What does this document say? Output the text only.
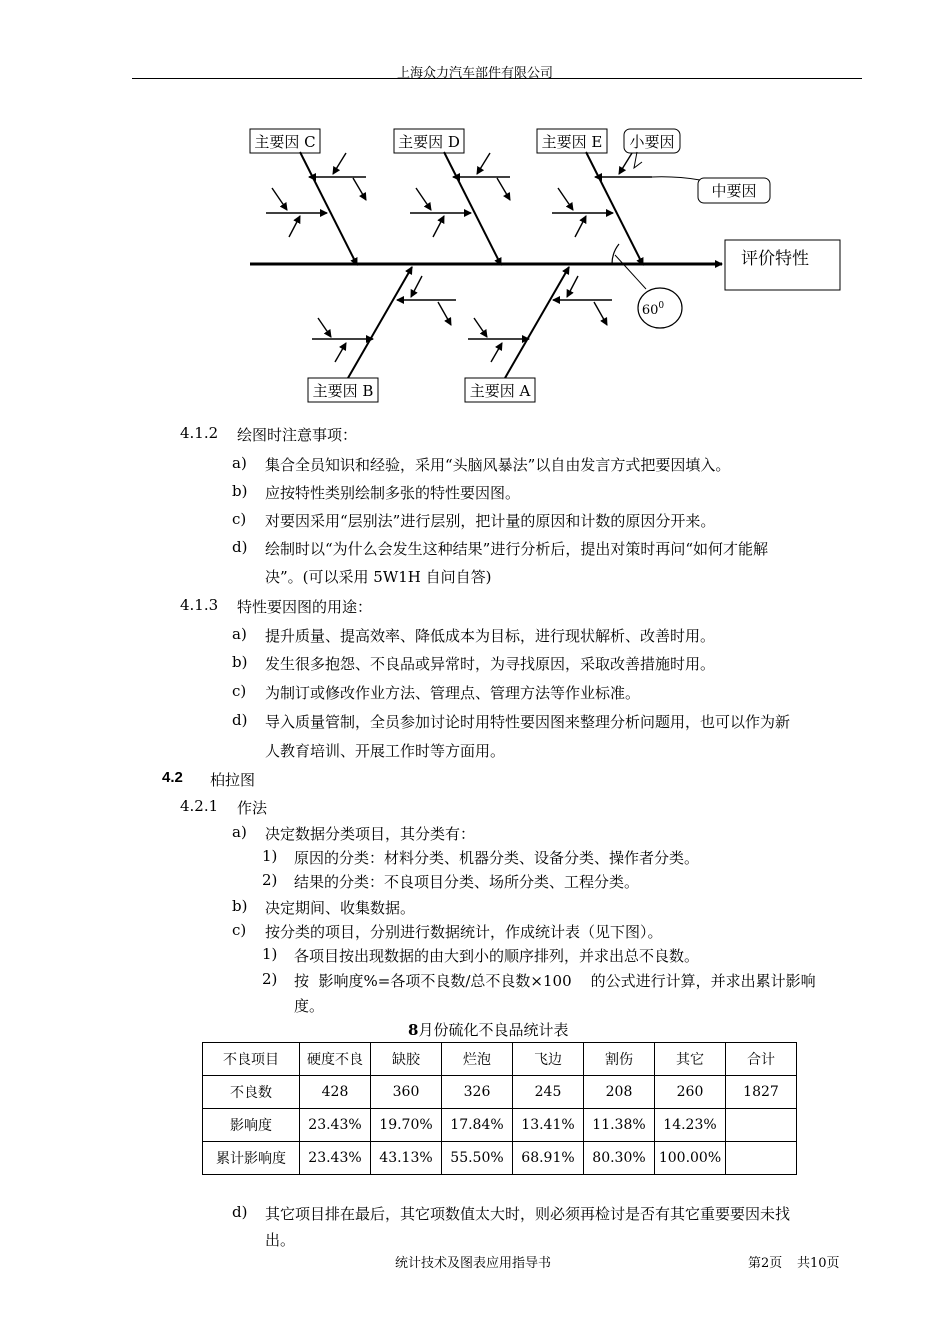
上海众力汽车部件有限公司
主要因 C	主要因 D	主要因 E
主要因 B	主要因 A
小要因
中要因
评价特性
$60^0$
4.1.2 绘图时注意事项：
a) 集合全员知识和经验，采用“头脑风暴法”以自由发言方式把要因填入。
b) 应按特性类别绘制多张的特性要因图。
c) 对要因采用“层别法”进行层别，把计量的原因和计数的原因分开来。
d) 绘制时以“为什么会发生这种结果”进行分析后，提出对策时再问“如何才能解
决”。(可以采用 5W1H 自问自答)
4.1.3 特性要因图的用途：
a) 提升质量、提高效率、降低成本为目标，进行现状解析、改善时用。
b) 发生很多抱怨、不良品或异常时，为寻找原因，采取改善措施时用。
c) 为制订或修改作业方法、管理点、管理方法等作业标准。
d) 导入质量管制，全员参加讨论时用特性要因图来整理分析问题用，也可以作为新
人教育培训、开展工作时等方面用。
4.2 柏拉图
4.2.1 作法
a) 决定数据分类项目，其分类有：
1) 原因的分类：材料分类、机器分类、设备分类、操作者分类。
2) 结果的分类：不良项目分类、场所分类、工程分类。
b) 决定期间、收集数据。
c) 按分类的项目，分别进行数据统计，作成统计表（见下图）。
1) 各项目按出现数据的由大到小的顺序排列，并求出总不良数。
2) 按  影响度%=各项不良数/总不良数×100    的公式进行计算，并求出累计影响
度。
8月份硫化不良品统计表
不良项目	硬度不良	缺胶	烂泡	飞边	割伤	其它	合计
不良数	428	360	326	245	208	260	1827
影响度	23.43%	19.70%	17.84%	13.41%	11.38%	14.23%	
累计影响度	23.43%	43.13%	55.50%	68.91%	80.30%	100.00%	
d) 其它项目排在最后，其它项数值太大时，则必须再检讨是否有其它重要要因未找
出。
统计技术及图表应用指导书	第2页 共10页
